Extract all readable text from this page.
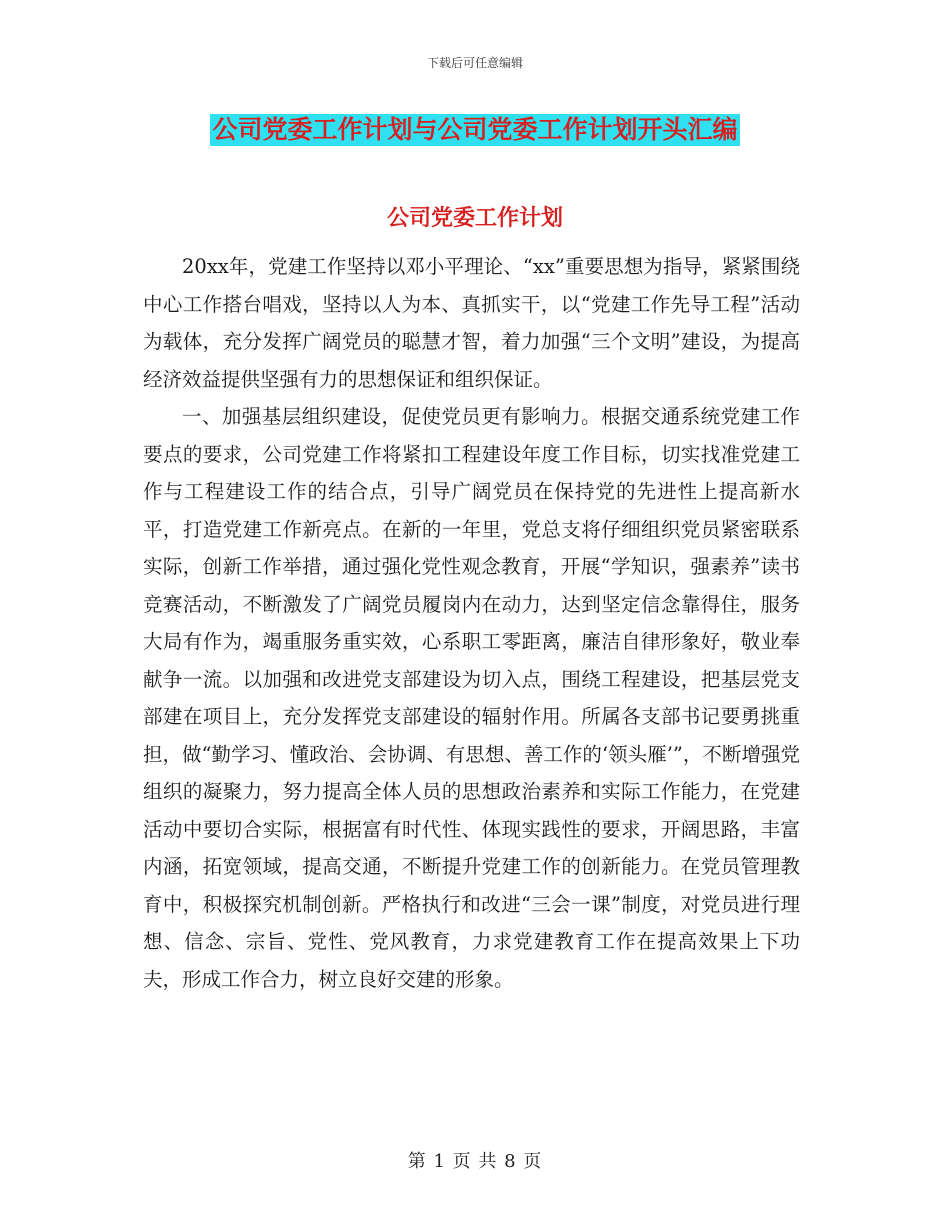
下载后可任意编辑
公司党委工作计划与公司党委工作计划开头汇编
公司党委工作计划

20xx年，党建工作坚持以邓小平理论、“xx”重要思想为指导，紧紧围绕中心工作搭台唱戏，坚持以人为本、真抓实干，以“党建工作先导工程”活动为载体，充分发挥广阔党员的聪慧才智，着力加强“三个文明”建设，为提高经济效益提供坚强有力的思想保证和组织保证。

一、加强基层组织建设，促使党员更有影响力。根据交通系统党建工作要点的要求，公司党建工作将紧扣工程建设年度工作目标，切实找准党建工作与工程建设工作的结合点，引导广阔党员在保持党的先进性上提高新水平，打造党建工作新亮点。在新的一年里，党总支将仔细组织党员紧密联系实际，创新工作举措，通过强化党性观念教育，开展“学知识，强素养”读书竞赛活动，不断激发了广阔党员履岗内在动力，达到坚定信念靠得住，服务大局有作为，竭重服务重实效，心系职工零距离，廉洁自律形象好，敬业奉献争一流。以加强和改进党支部建设为切入点，围绕工程建设，把基层党支部建在项目上，充分发挥党支部建设的辐射作用。所属各支部书记要勇挑重担，做“勤学习、懂政治、会协调、有思想、善工作的‘领头雁’”，不断增强党组织的凝聚力，努力提高全体人员的思想政治素养和实际工作能力，在党建活动中要切合实际，根据富有时代性、体现实践性的要求，开阔思路，丰富内涵，拓宽领域，提高交通，不断提升党建工作的创新能力。在党员管理教育中，积极探究机制创新。严格执行和改进“三会一课”制度，对党员进行理想、信念、宗旨、党性、党风教育，力求党建教育工作在提高效果上下功夫，形成工作合力，树立良好交建的形象。

第 1 页 共 8 页
